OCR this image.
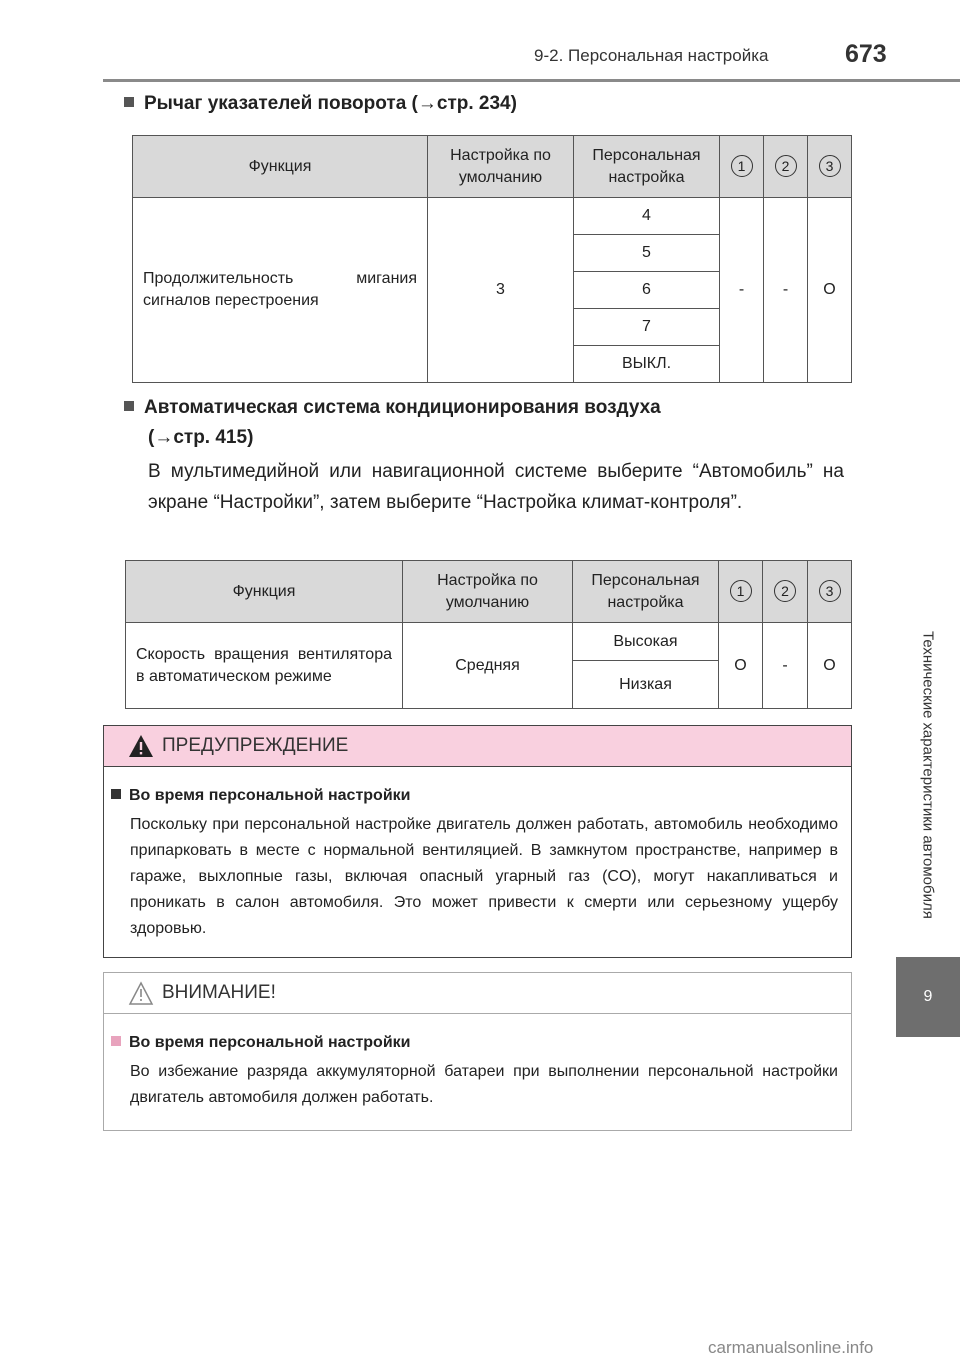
9-2. Персональная настройка	673
Технические характеристики автомобиля
9
Рычаг указателей поворота (→стр. 234)
Функция	Настройка по умолчанию	Персональная настройка	1	2	3
Продолжительность мигания сигналов перестроения	3	4	-	-	O
		5			
		6			
		7			
		ВЫКЛ.			
Автоматическая система кондиционирования воздуха
(→стр. 415)
В мультимедийной или навигационной системе выберите “Автомобиль” на экране “Настройки”, затем выберите “Настройка климат-контроля”.
Функция	Настройка по умолчанию	Персональная настройка	1	2	3
Скорость вращения вентилятора в автоматическом режиме	Средняя	Высокая	O	-	O
		Низкая			
ПРЕДУПРЕЖДЕНИЕ
Во время персональной настройки
Поскольку при персональной настройке двигатель должен работать, автомобиль необходимо припарковать в месте с нормальной вентиляцией. В замкнутом пространстве, например в гараже, выхлопные газы, включая опасный угарный газ (CO), могут накапливаться и проникать в салон автомобиля. Это может привести к смерти или серьезному ущербу здоровью.
ВНИМАНИЕ!
Во время персональной настройки
Во избежание разряда аккумуляторной батареи при выполнении персональной настройки двигатель автомобиля должен работать.
carmanualsonline.info
